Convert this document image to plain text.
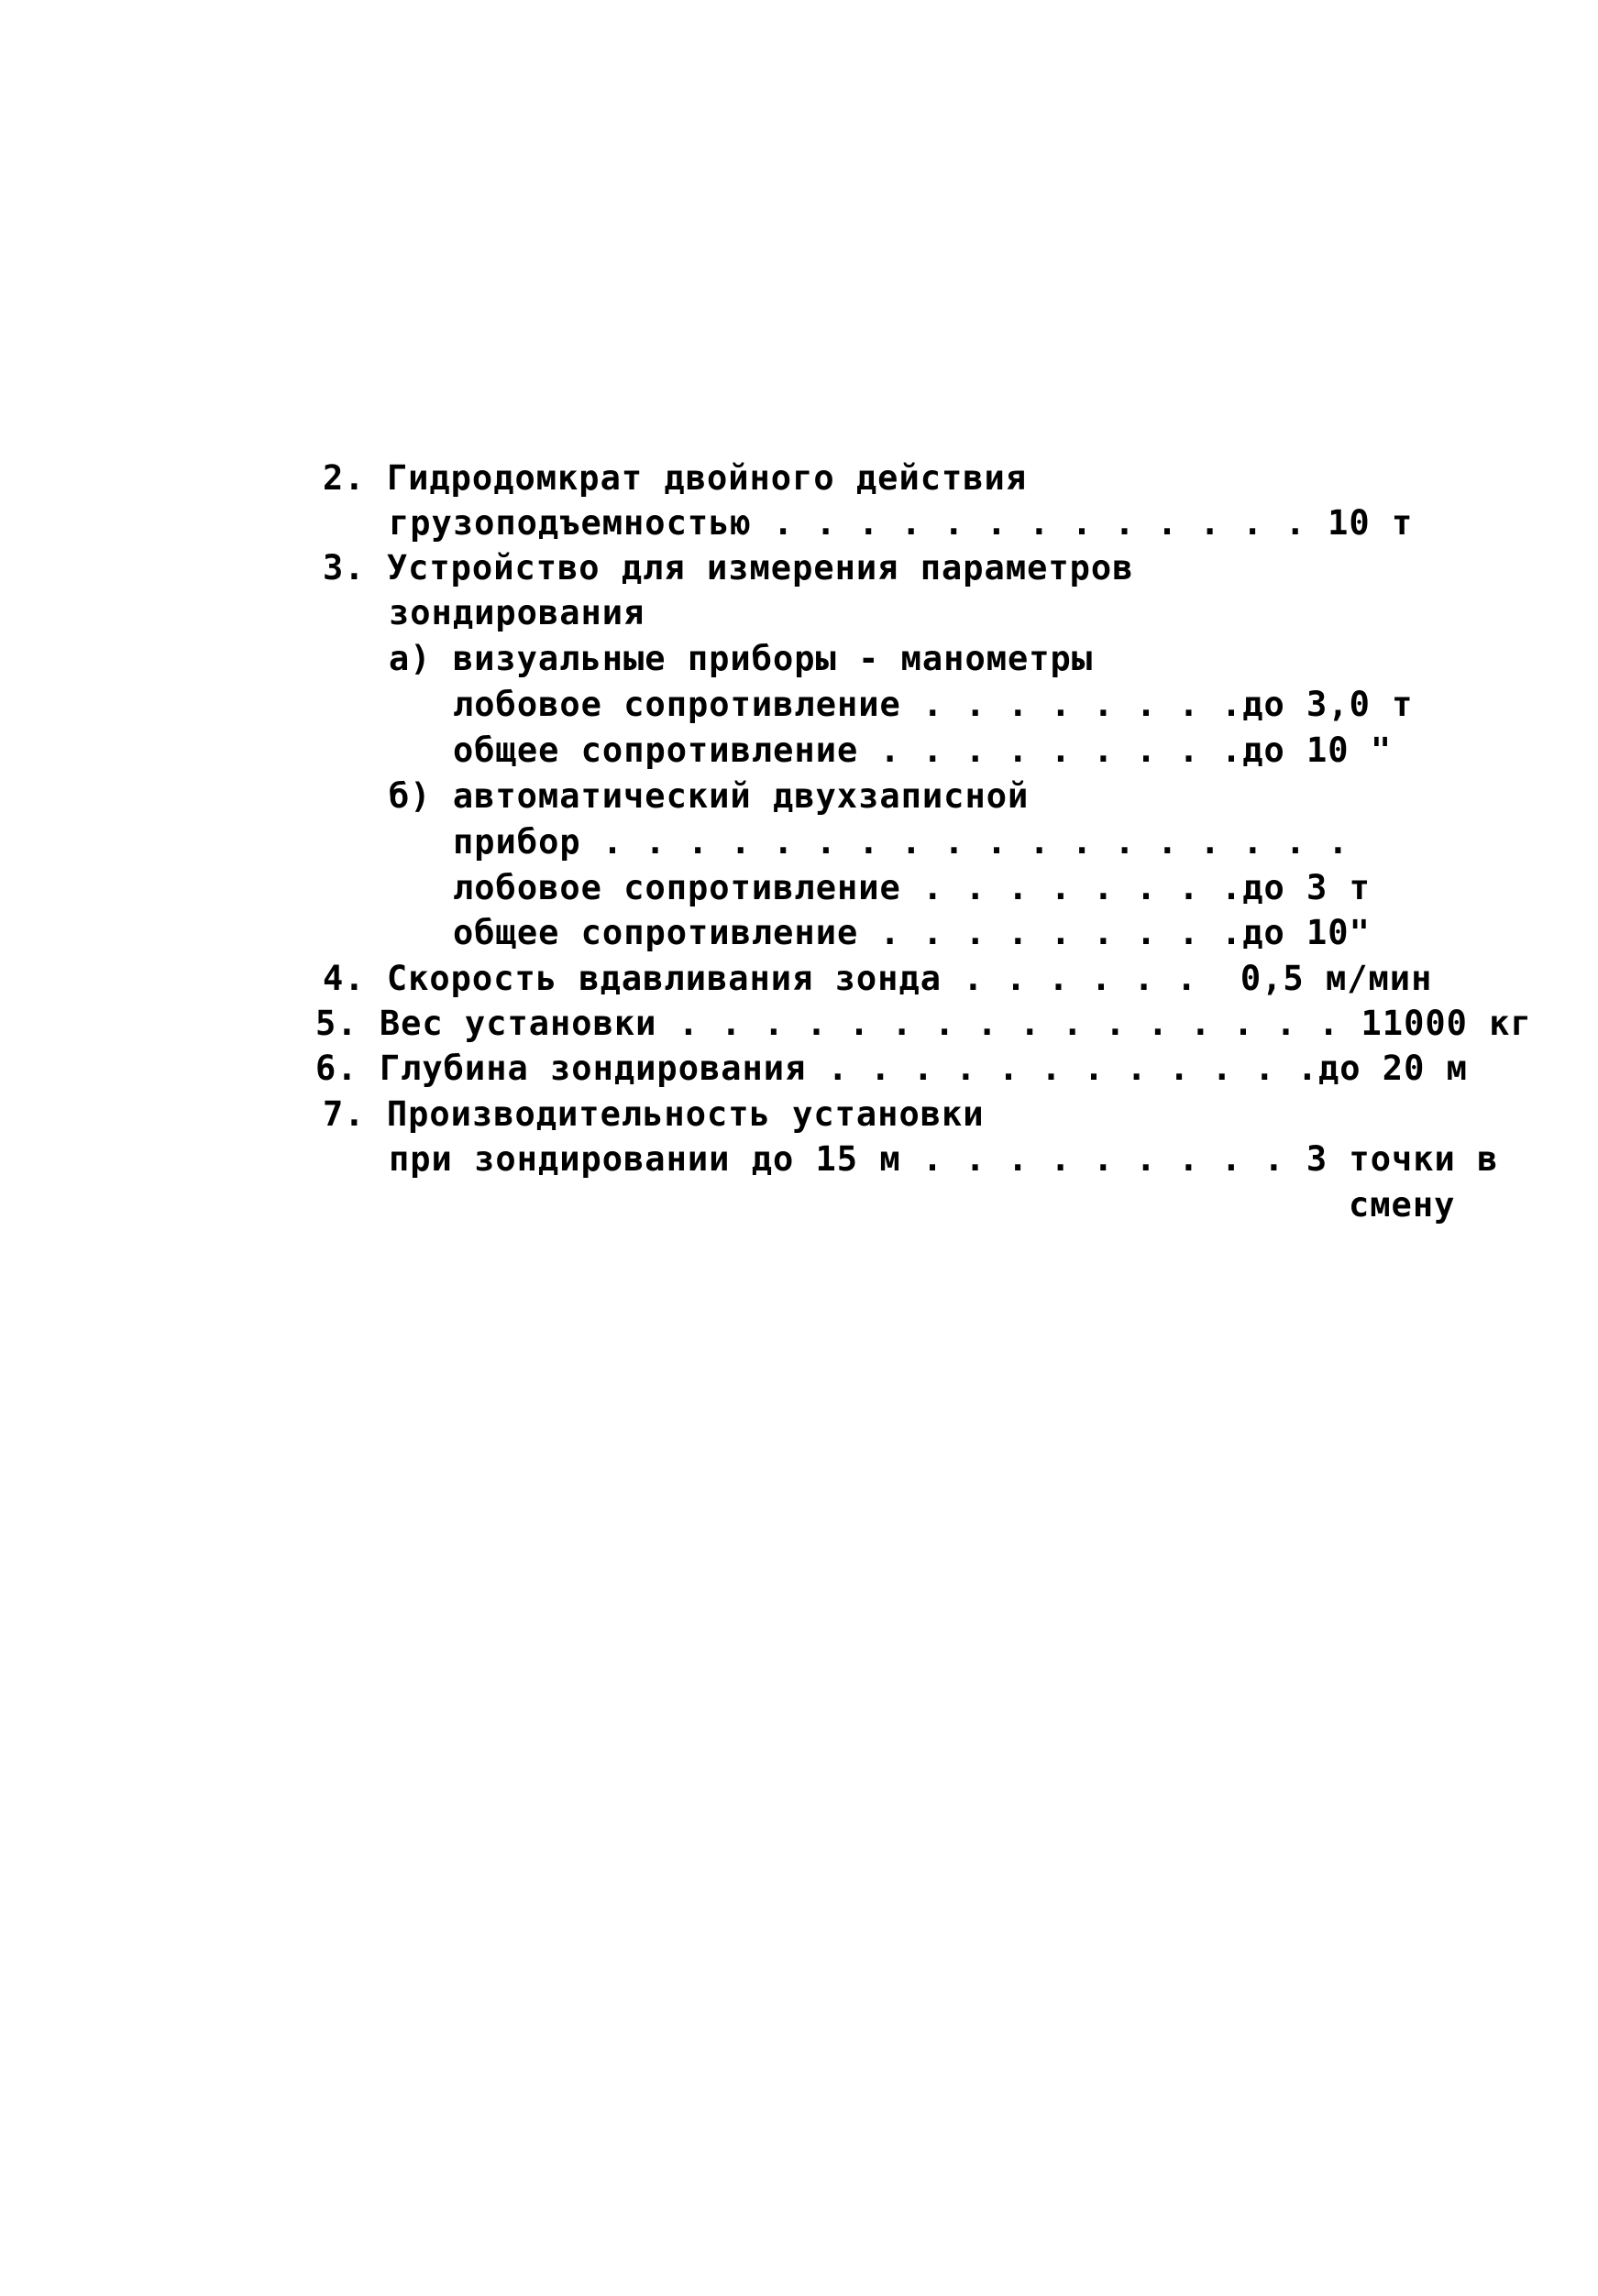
2. Гидродомкрат двойного действия
грузоподъемностью . . . . . . . . . . . . . 10 т
3. Устройство для измерения параметров
зондирования
а) визуальные приборы - манометры
лобовое сопротивление . . . . . . . .до 3,0 т
общее сопротивление . . . . . . . . .до 10 "
б) автоматический двухзаписной
прибор . . . . . . . . . . . . . . . . . .
лобовое сопротивление . . . . . . . .до 3 т
общее сопротивление . . . . . . . . .до 10"
4. Скорость вдавливания зонда . . . . . .  0,5 м/мин
5. Вес установки . . . . . . . . . . . . . . . . 11000 кг
6. Глубина зондирования . . . . . . . . . . . .до 20 м
7. Производительность установки
при зондировании до 15 м . . . . . . . . . 3 точки в
смену
